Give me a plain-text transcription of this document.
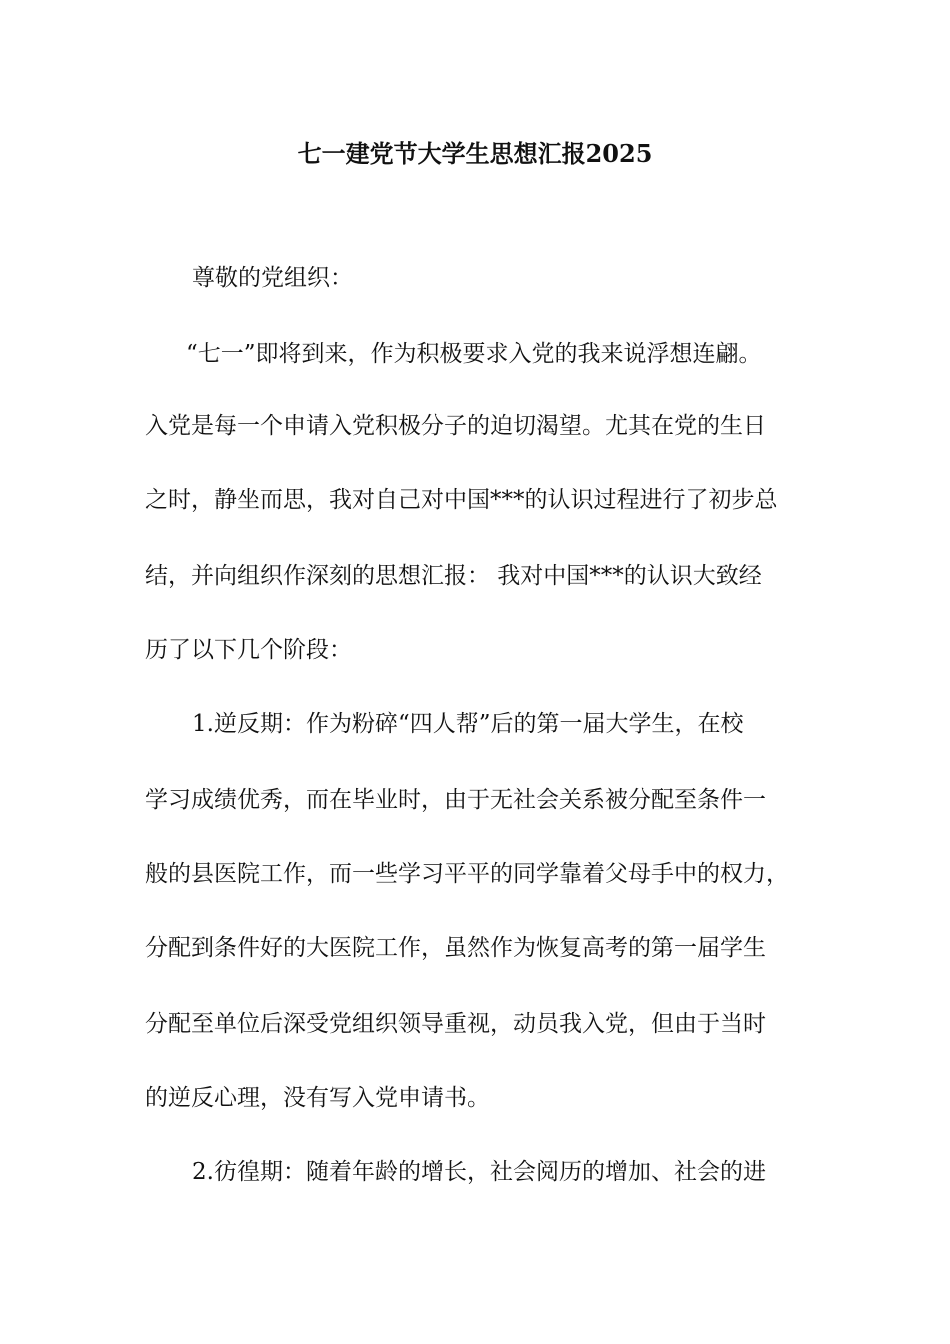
七一建党节大学生思想汇报2025
尊敬的党组织：
“七一”即将到来，作为积极要求入党的我来说浮想连翩。
入党是每一个申请入党积极分子的迫切渴望。尤其在党的生日
之时，静坐而思，我对自己对中国***的认识过程进行了初步总
结，并向组织作深刻的思想汇报： 我对中国***的认识大致经
历了以下几个阶段：
1.逆反期：作为粉碎“四人帮”后的第一届大学生，在校
学习成绩优秀，而在毕业时，由于无社会关系被分配至条件一
般的县医院工作，而一些学习平平的同学靠着父母手中的权力，
分配到条件好的大医院工作，虽然作为恢复高考的第一届学生
分配至单位后深受党组织领导重视，动员我入党，但由于当时
的逆反心理，没有写入党申请书。
2.彷徨期：随着年龄的增长，社会阅历的增加、社会的进
